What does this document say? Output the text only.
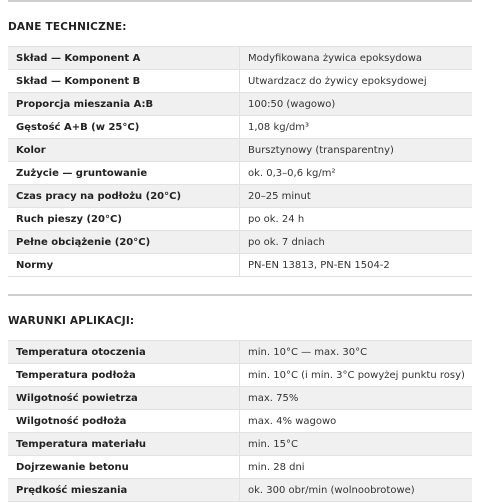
DANE TECHNICZNE:
Skład — Komponent A	Modyfikowana żywica epoksydowa
Skład — Komponent B	Utwardzacz do żywicy epoksydowej
Proporcja mieszania A:B	100:50 (wagowo)
Gęstość A+B (w 25°C)	1,08 kg/dm³
Kolor	Bursztynowy (transparentny)
Zużycie — gruntowanie	ok. 0,3–0,6 kg/m²
Czas pracy na podłożu (20°C)	20–25 minut
Ruch pieszy (20°C)	po ok. 24 h
Pełne obciążenie (20°C)	po ok. 7 dniach
Normy	PN-EN 13813, PN-EN 1504-2
WARUNKI APLIKACJI:
Temperatura otoczenia	min. 10°C — max. 30°C
Temperatura podłoża	min. 10°C (i min. 3°C powyżej punktu rosy)
Wilgotność powietrza	max. 75%
Wilgotność podłoża	max. 4% wagowo
Temperatura materiału	min. 15°C
Dojrzewanie betonu	min. 28 dni
Prędkość mieszania	ok. 300 obr/min (wolnoobrotowe)
